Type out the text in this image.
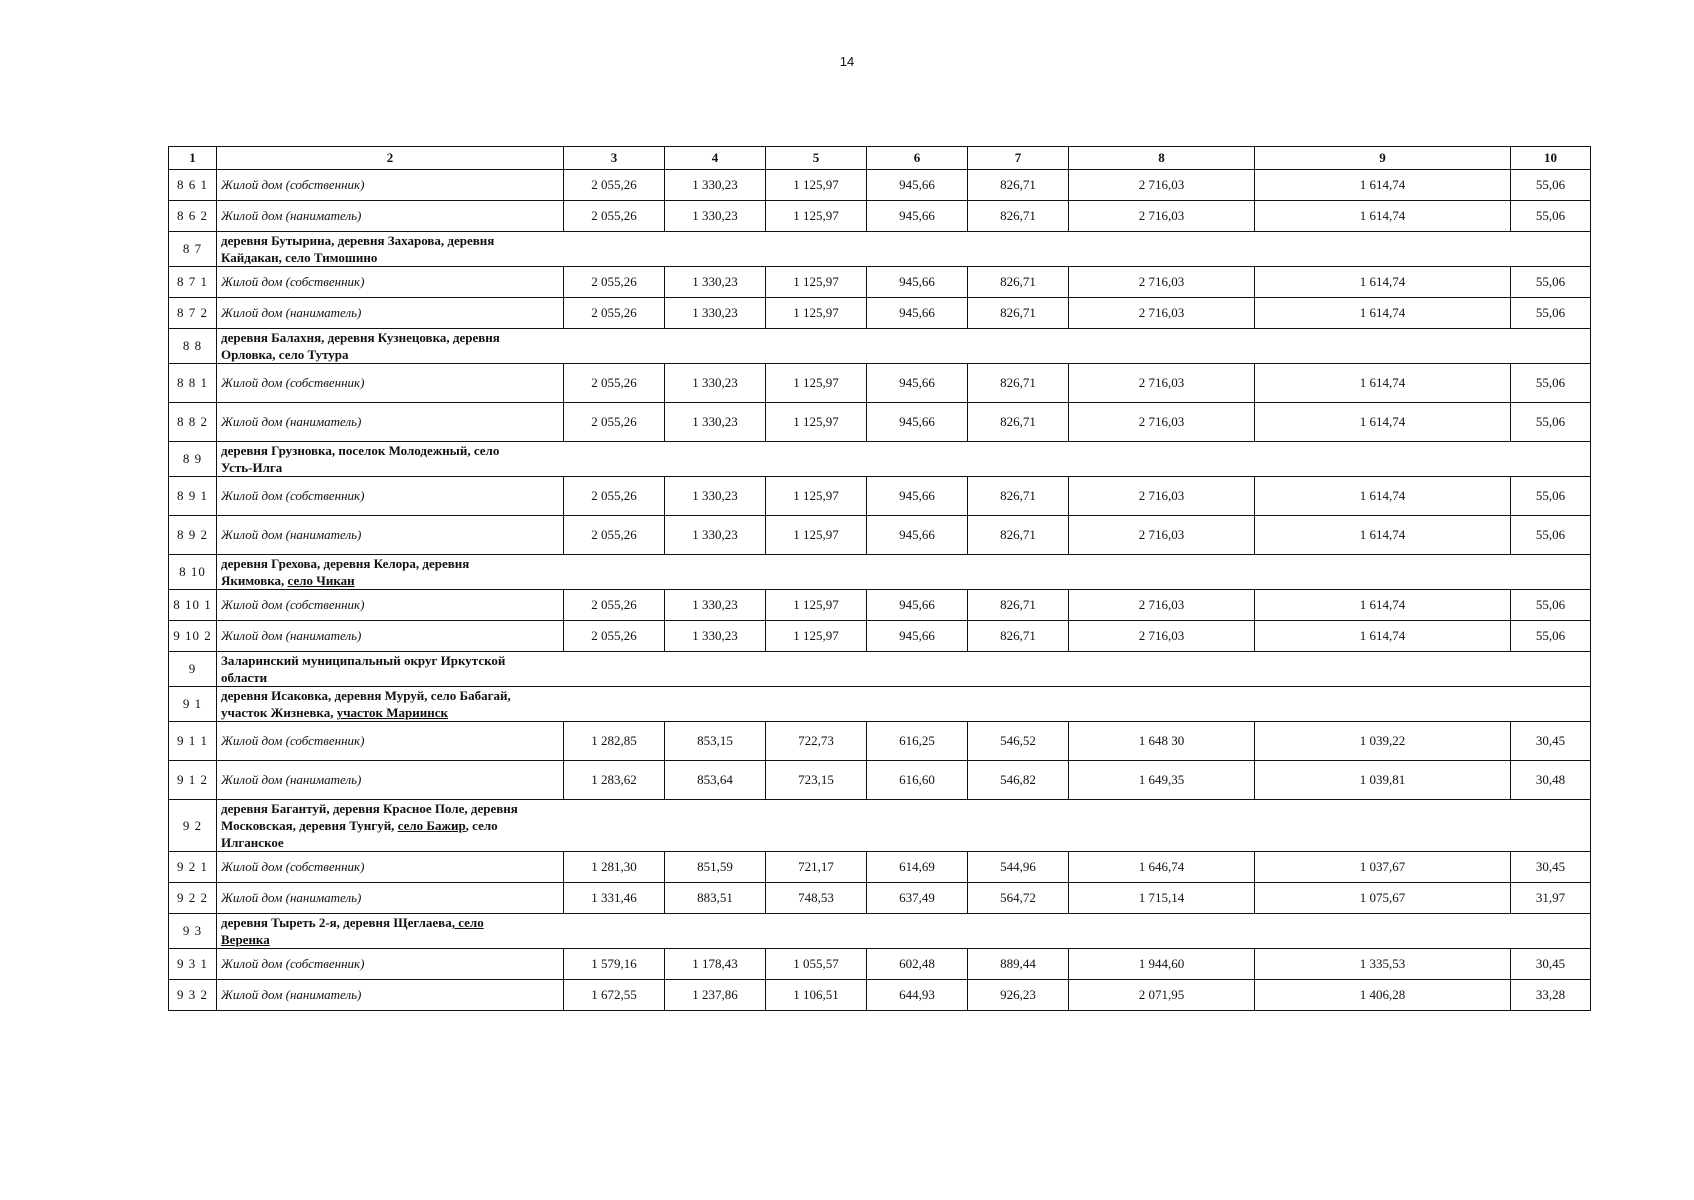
14
1	2	3	4	5	6	7	8	9	10
8 6 1	Жилой дом (собственник)	2 055,26	1 330,23	1 125,97	945,66	826,71	2 716,03	1 614,74	55,06
8 6 2	Жилой дом (наниматель)	2 055,26	1 330,23	1 125,97	945,66	826,71	2 716,03	1 614,74	55,06
8 7	деревня Бутырина, деревня Захарова, деревня Кайдакан, село Тимошино								
8 7 1	Жилой дом (собственник)	2 055,26	1 330,23	1 125,97	945,66	826,71	2 716,03	1 614,74	55,06
8 7 2	Жилой дом (наниматель)	2 055,26	1 330,23	1 125,97	945,66	826,71	2 716,03	1 614,74	55,06
8 8	деревня Балахня, деревня Кузнецовка, деревня Орловка, село Тутура								
8 8 1	Жилой дом (собственник)	2 055,26	1 330,23	1 125,97	945,66	826,71	2 716,03	1 614,74	55,06
8 8 2	Жилой дом (наниматель)	2 055,26	1 330,23	1 125,97	945,66	826,71	2 716,03	1 614,74	55,06
8 9	деревня Грузновка, поселок Молодежный, село Усть-Илга								
8 9 1	Жилой дом (собственник)	2 055,26	1 330,23	1 125,97	945,66	826,71	2 716,03	1 614,74	55,06
8 9 2	Жилой дом (наниматель)	2 055,26	1 330,23	1 125,97	945,66	826,71	2 716,03	1 614,74	55,06
8 10	деревня Грехова, деревня Келора, деревня Якимовка, село Чикан								
8 10 1	Жилой дом (собственник)	2 055,26	1 330,23	1 125,97	945,66	826,71	2 716,03	1 614,74	55,06
9 10 2	Жилой дом (наниматель)	2 055,26	1 330,23	1 125,97	945,66	826,71	2 716,03	1 614,74	55,06
9	Заларинский муниципальный округ Иркутской области								
9 1	деревня Исаковка, деревня Муруй, село Бабагай, участок Жизневка, участок Мариинск								
9 1 1	Жилой дом (собственник)	1 282,85	853,15	722,73	616,25	546,52	1 648 30	1 039,22	30,45
9 1 2	Жилой дом (наниматель)	1 283,62	853,64	723,15	616,60	546,82	1 649,35	1 039,81	30,48
9 2	деревня Багантуй, деревня Красное Поле, деревня Московская, деревня Тунгуй, село Бажир, село Илганское								
9 2 1	Жилой дом (собственник)	1 281,30	851,59	721,17	614,69	544,96	1 646,74	1 037,67	30,45
9 2 2	Жилой дом (наниматель)	1 331,46	883,51	748,53	637,49	564,72	1 715,14	1 075,67	31,97
9 3	деревня Тыреть 2-я, деревня Щеглаева, село Веренка								
9 3 1	Жилой дом (собственник)	1 579,16	1 178,43	1 055,57	602,48	889,44	1 944,60	1 335,53	30,45
9 3 2	Жилой дом (наниматель)	1 672,55	1 237,86	1 106,51	644,93	926,23	2 071,95	1 406,28	33,28
